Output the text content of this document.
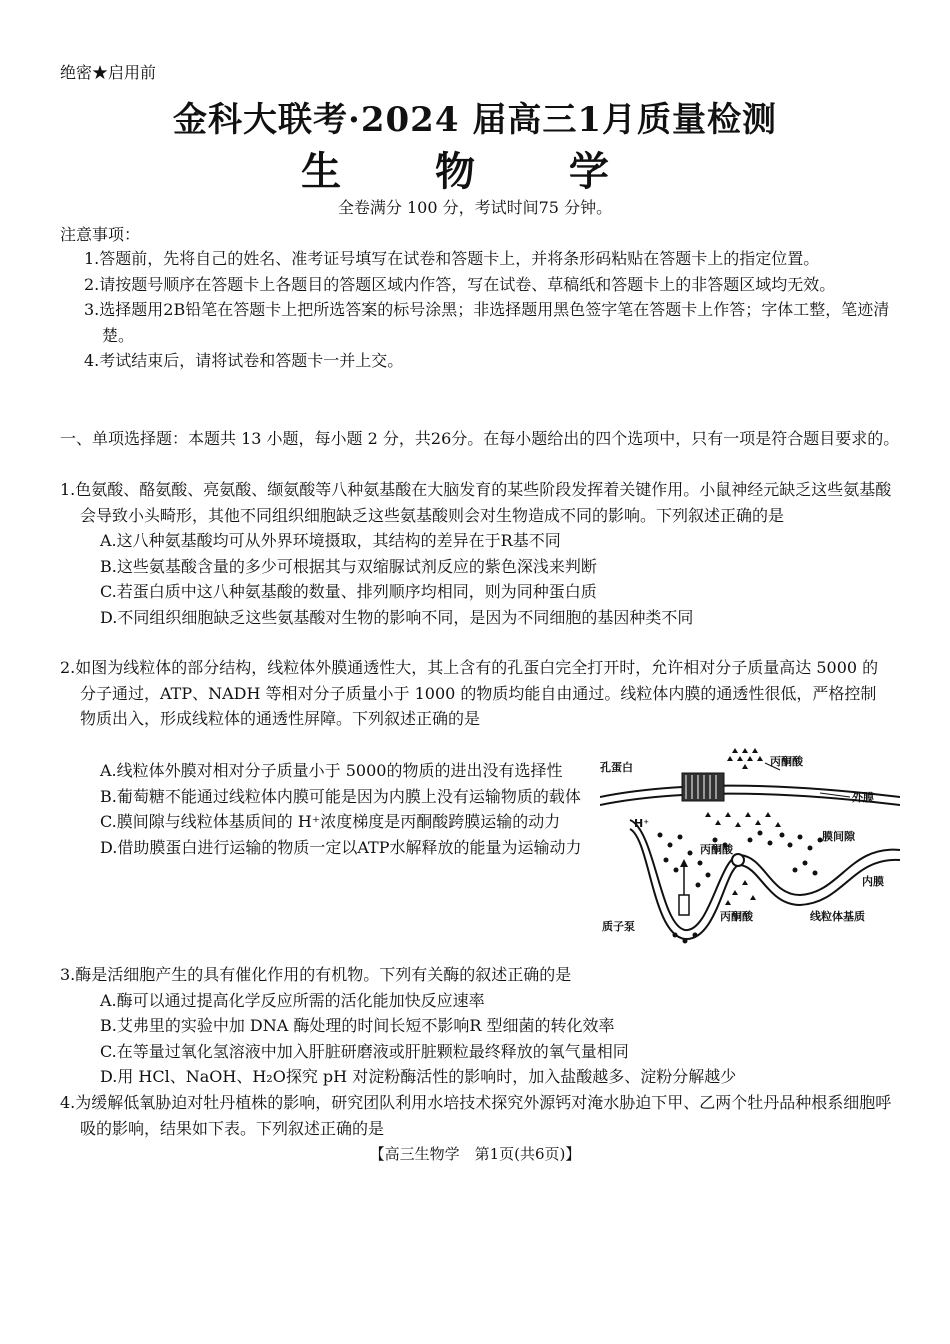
绝密★启用前
金科大联考·2024 届高三1月质量检测
生 物 学
全卷满分 100 分，考试时间75 分钟。
注意事项：

1.答题前，先将自己的姓名、准考证号填写在试卷和答题卡上，并将条形码粘贴在答题卡上的指定位置。

2.请按题号顺序在答题卡上各题目的答题区域内作答，写在试卷、草稿纸和答题卡上的非答题区域均无效。

3.选择题用2B铅笔在答题卡上把所选答案的标号涂黑；非选择题用黑色签字笔在答题卡上作答；字体工整，笔迹清楚。

4.考试结束后，请将试卷和答题卡一并上交。

一、单项选择题：本题共 13 小题，每小题 2 分，共26分。在每小题给出的四个选项中，只有一项是符合题目要求的。

1.色氨酸、酪氨酸、亮氨酸、缬氨酸等八种氨基酸在大脑发育的某些阶段发挥着关键作用。小鼠神经元缺乏这些氨基酸会导致小头畸形，其他不同组织细胞缺乏这些氨基酸则会对生物造成不同的影响。下列叙述正确的是

A.这八种氨基酸均可从外界环境摄取，其结构的差异在于R基不同

B.这些氨基酸含量的多少可根据其与双缩脲试剂反应的紫色深浅来判断

C.若蛋白质中这八种氨基酸的数量、排列顺序均相同，则为同种蛋白质

D.不同组织细胞缺乏这些氨基酸对生物的影响不同，是因为不同细胞的基因种类不同

2.如图为线粒体的部分结构，线粒体外膜通透性大，其上含有的孔蛋白完全打开时，允许相对分子质量高达 5000 的分子通过，ATP、NADH 等相对分子质量小于 1000 的物质均能自由通过。线粒体内膜的通透性很低，严格控制物质出入，形成线粒体的通透性屏障。下列叙述正确的是

A.线粒体外膜对相对分子质量小于 5000的物质的进出没有选择性

B.葡萄糖不能通过线粒体内膜可能是因为内膜上没有运输物质的载体

C.膜间隙与线粒体基质间的 H⁺浓度梯度是丙酮酸跨膜运输的动力

D.借助膜蛋白进行运输的物质一定以ATP水解释放的能量为运输动力

孔蛋白	丙酮酸
外膜
膜间隙
丙酮酸
内膜
丙酮酸	线粒体基质
质子泵
H⁺

3.酶是活细胞产生的具有催化作用的有机物。下列有关酶的叙述正确的是

A.酶可以通过提高化学反应所需的活化能加快反应速率

B.艾弗里的实验中加 DNA 酶处理的时间长短不影响R 型细菌的转化效率

C.在等量过氧化氢溶液中加入肝脏研磨液或肝脏颗粒最终释放的氧气量相同

D.用 HCl、NaOH、H₂O探究 pH 对淀粉酶活性的影响时，加入盐酸越多、淀粉分解越少

4.为缓解低氧胁迫对牡丹植株的影响，研究团队利用水培技术探究外源钙对淹水胁迫下甲、乙两个牡丹品种根系细胞呼吸的影响，结果如下表。下列叙述正确的是

【高三生物学　第1页(共6页)】
